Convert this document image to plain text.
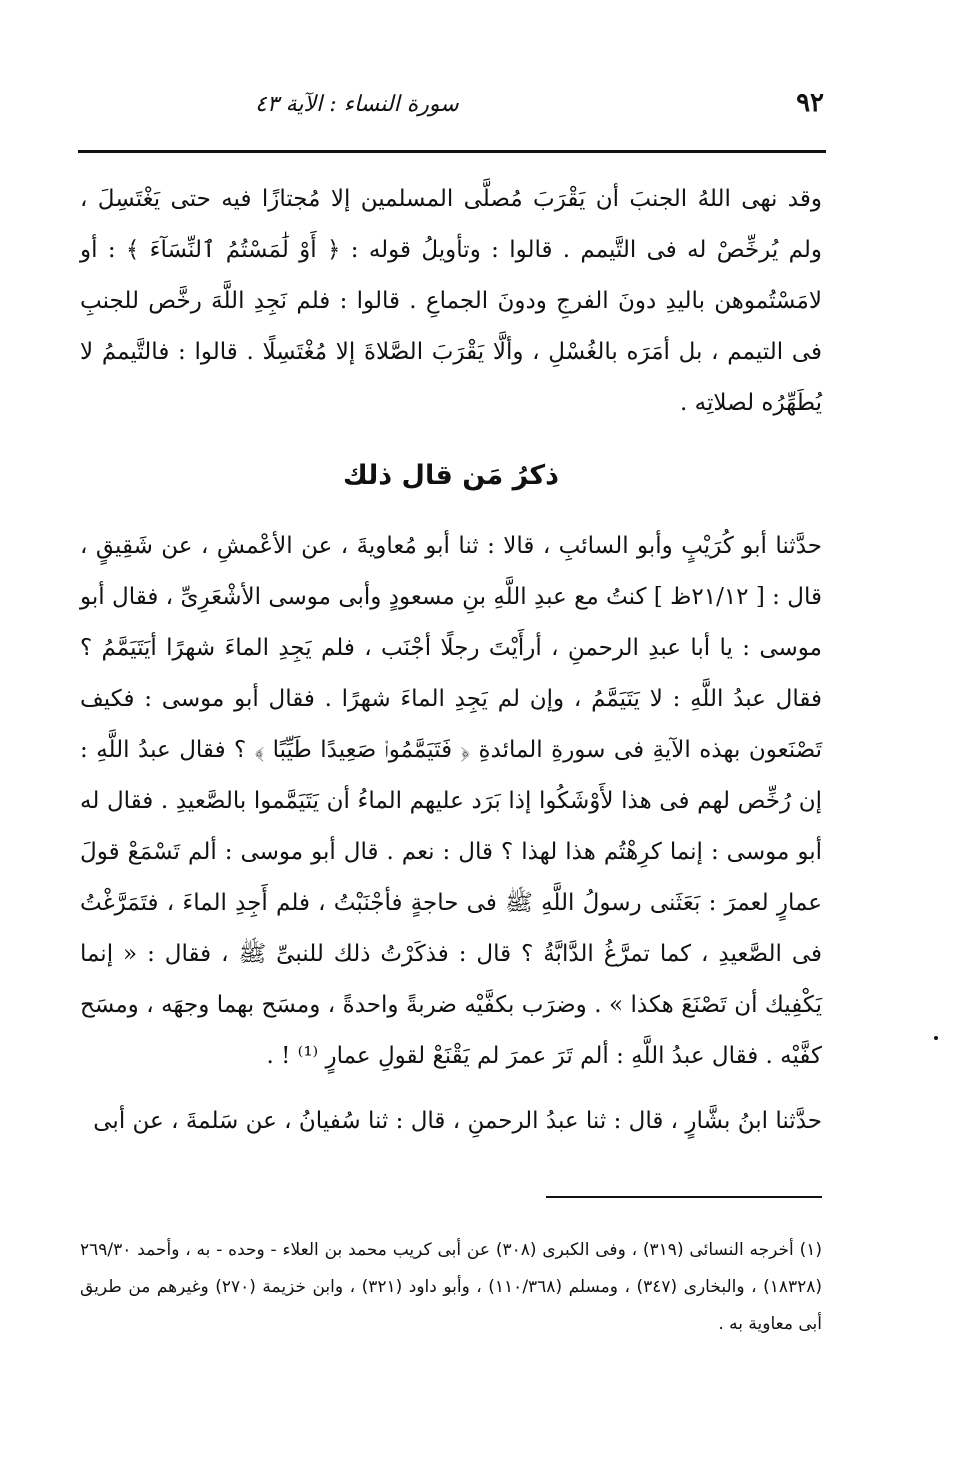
٩٢
سورة النساء : الآية ٤٣

وقد نهى اللهُ الجنبَ أن يَقْرَبَ مُصلَّى المسلمين إلا مُجتازًا فيه حتى يَغْتَسِلَ ، ولم يُرخِّصْ له فى التَّيمم . قالوا : وتأويلُ قوله : ﴿ أَوْ لَٰمَسْتُمُ ٱلنِّسَآءَ ﴾ : أو لامَسْتُموهن باليدِ دونَ الفرجِ ودونَ الجماعِ . قالوا : فلم نَجِدِ اللَّهَ رخَّص للجنبِ فى التيمم ، بل أمَرَه بالغُسْلِ ، وألَّا يَقْرَبَ الصَّلاةَ إلا مُغْتَسِلًا . قالوا : فالتَّيممُ لا يُطَهِّرُه لصلاتِه .

ذكرُ مَن قال ذلك

حدَّثنا أبو كُرَيْبٍ وأبو السائبِ ، قالا : ثنا أبو مُعاويةَ ، عن الأعْمشِ ، عن شَقِيقٍ ، قال : [ ٢١/١٢ظ ] كنتُ مع عبدِ اللَّهِ بنِ مسعودٍ وأبى موسى الأشْعَرِىِّ ، فقال أبو موسى : يا أبا عبدِ الرحمنِ ، أرأَيْتَ رجلًا أجْنَب ، فلم يَجِدِ الماءَ شهرًا أيَتَيَمَّمُ ؟ فقال عبدُ اللَّهِ : لا يَتَيَمَّمُ ، وإن لم يَجِدِ الماءَ شهرًا . فقال أبو موسى : فكيف تَصْنَعون بهذه الآيةِ فى سورةِ المائدةِ ﴿ فَتَيَمَّمُوا۟ صَعِيدًا طَيِّبًا ﴾ ؟ فقال عبدُ اللَّهِ : إن رُخِّص لهم فى هذا لأَوْشَكُوا إذا بَرَد عليهم الماءُ أن يَتَيَمَّموا بالصَّعيدِ . فقال له أبو موسى : إنما كرِهْتُم هذا لهذا ؟ قال : نعم . قال أبو موسى : ألم تَسْمَعْ قولَ عمارٍ لعمرَ : بَعَثَنى رسولُ اللَّهِ ﷺ فى حاجةٍ فأجْنَبْتُ ، فلم أَجِدِ الماءَ ، فتَمَرَّغْتُ فى الصَّعيدِ ، كما تمرَّغُ الدَّابَّةُ ؟ قال : فذكَرْتُ ذلك للنبىِّ ﷺ ، فقال : « إنما يَكْفِيك أن تَصْنَعَ هكذا » . وضرَب بكفَّيْه ضربةً واحدةً ، ومسَح بهما وجهَه ، ومسَح كفَّيْه . فقال عبدُ اللَّهِ : ألم تَرَ عمرَ لم يَقْنَعْ لقولِ عمارٍ ⁽¹⁾ ! .

حدَّثنا ابنُ بشَّارٍ ، قال : ثنا عبدُ الرحمنِ ، قال : ثنا سُفيانُ ، عن سَلمةَ ، عن أبى

(١) أخرجه النسائى (٣١٩) ، وفى الكبرى (٣٠٨) عن أبى كريب محمد بن العلاء - وحده - به ، وأحمد ٢٦٩/٣٠ (١٨٣٢٨) ، والبخارى (٣٤٧) ، ومسلم (١١٠/٣٦٨) ، وأبو داود (٣٢١) ، وابن خزيمة (٢٧٠) وغيرهم من طريق أبى معاوية به .
